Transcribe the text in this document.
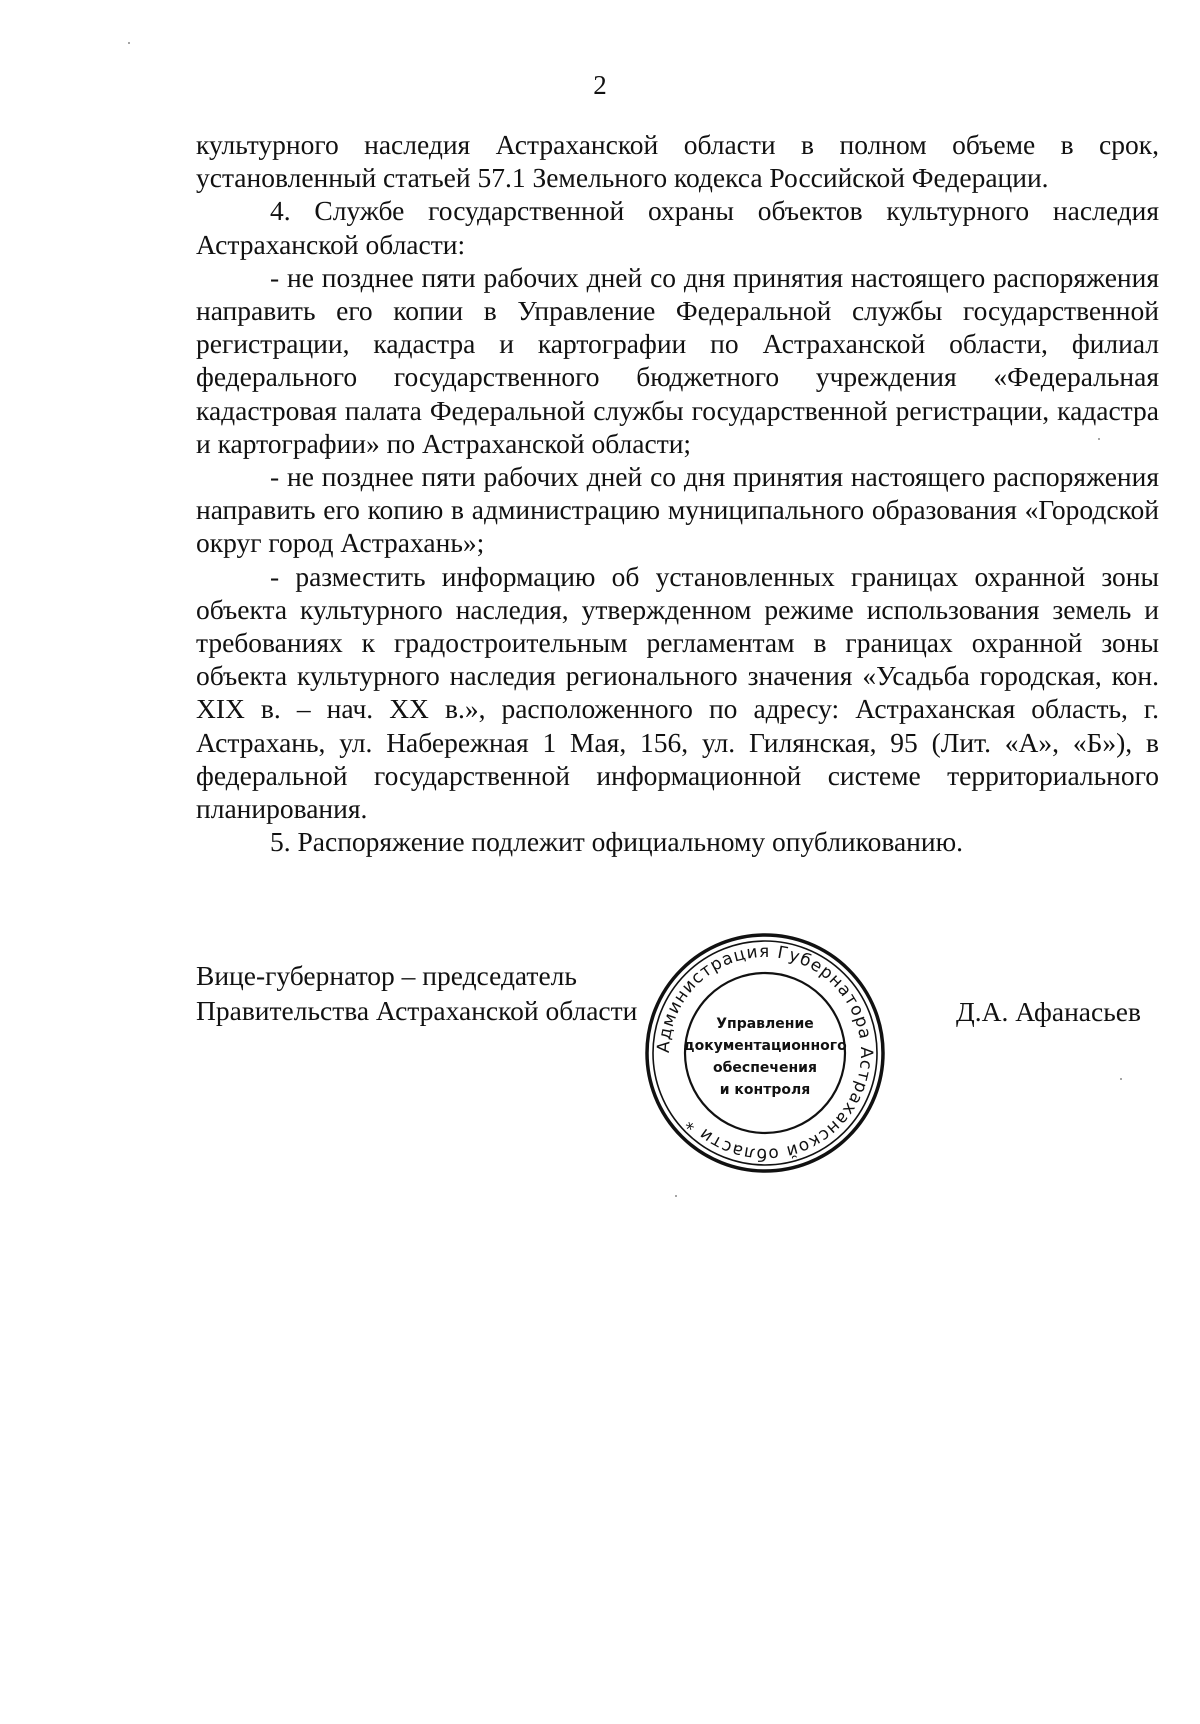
2

культурного наследия Астраханской области в полном объеме в срок, установленный статьей 57.1 Земельного кодекса Российской Федерации.

4. Службе государственной охраны объектов культурного наследия Астраханской области:

- не позднее пяти рабочих дней со дня принятия настоящего распоряжения направить его копии в Управление Федеральной службы государственной регистрации, кадастра и картографии по Астраханской области, филиал федерального государственного бюджетного учреждения «Федеральная кадастровая палата Федеральной службы государственной регистрации, кадастра и картографии» по Астраханской области;

- не позднее пяти рабочих дней со дня принятия настоящего распоряжения направить его копию в администрацию муниципального образования «Городской округ город Астрахань»;

- разместить информацию об установленных границах охранной зоны объекта культурного наследия, утвержденном режиме использования земель и требованиях к градостроительным регламентам в границах охранной зоны объекта культурного наследия регионального значения «Усадьба городская, кон. XIX в. – нач. XX в.», расположенного по адресу: Астраханская область, г. Астрахань, ул. Набережная 1 Мая, 156, ул. Гилянская, 95 (Лит. «А», «Б»), в федеральной государственной информационной системе территориального планирования.

5. Распоряжение подлежит официальному опубликованию.

Вице-губернатор – председатель
Правительства Астраханской области	Д.А. Афанасьев
Администрация Губернатора Астраханской области *
Управление
документационного
обеспечения
и контроля
